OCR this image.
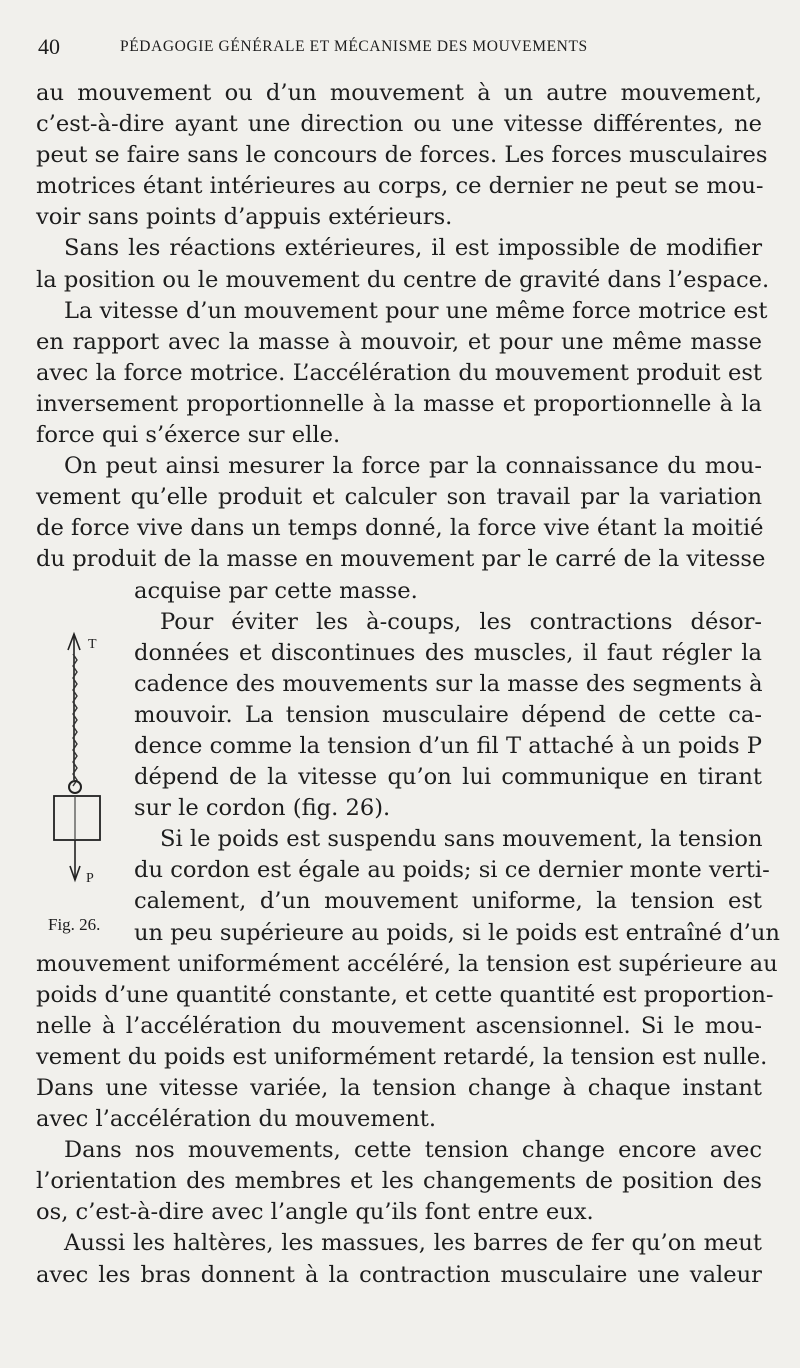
40	PÉDAGOGIE GÉNÉRALE ET MÉCANISME DES MOUVEMENTS
au mouvement ou d’un mouvement à un autre mouvement,
c’est-à-dire ayant une direction ou une vitesse différentes, ne
peut se faire sans le concours de forces. Les forces musculaires
motrices étant intérieures au corps, ce dernier ne peut se mou-
voir sans points d’appuis extérieurs.
Sans les réactions extérieures, il est impossible de modifier
la position ou le mouvement du centre de gravité dans l’espace.
La vitesse d’un mouvement pour une même force motrice est
en rapport avec la masse à mouvoir, et pour une même masse
avec la force motrice. L’accélération du mouvement produit est
inversement proportionnelle à la masse et proportionnelle à la
force qui s’éxerce sur elle.
On peut ainsi mesurer la force par la connaissance du mou-
vement qu’elle produit et calculer son travail par la variation
de force vive dans un temps donné, la force vive étant la moitié
du produit de la masse en mouvement par le carré de la vitesse
acquise par cette masse.
Pour éviter les à-coups, les contractions désor-
données et discontinues des muscles, il faut régler la
cadence des mouvements sur la masse des segments à
mouvoir. La tension musculaire dépend de cette ca-
dence comme la tension d’un fil T attaché à un poids P
dépend de la vitesse qu’on lui communique en tirant
sur le cordon (fig. 26).
Si le poids est suspendu sans mouvement, la tension
du cordon est égale au poids; si ce dernier monte verti-
calement, d’un mouvement uniforme, la tension est
un peu supérieure au poids, si le poids est entraîné d’un
mouvement uniformément accéléré, la tension est supérieure au
poids d’une quantité constante, et cette quantité est proportion-
nelle à l’accélération du mouvement ascensionnel. Si le mou-
vement du poids est uniformément retardé, la tension est nulle.
Dans une vitesse variée, la tension change à chaque instant
avec l’accélération du mouvement.
Dans nos mouvements, cette tension change encore avec
l’orientation des membres et les changements de position des
os, c’est-à-dire avec l’angle qu’ils font entre eux.
Aussi les haltères, les massues, les barres de fer qu’on meut
avec les bras donnent à la contraction musculaire une valeur
T
P
Fig. 26.
